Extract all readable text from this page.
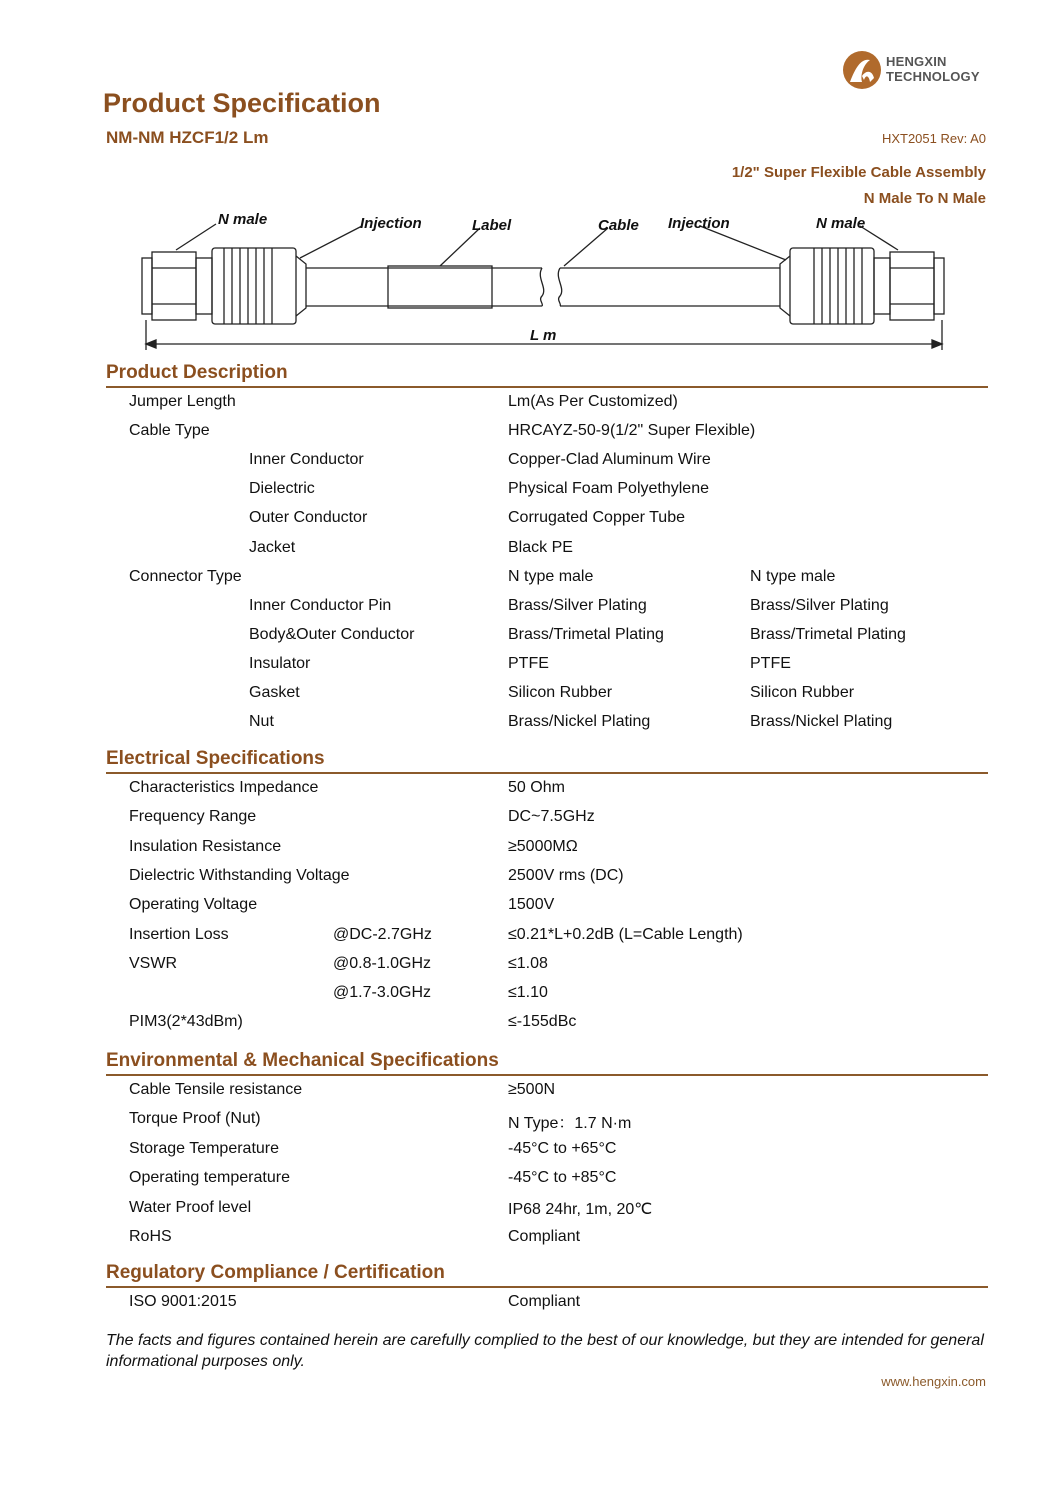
HENGXIN
TECHNOLOGY
Product Specification
NM-NM HZCF1/2 Lm	HXT2051 Rev: A0
1/2" Super Flexible Cable Assembly
N Male To N Male
N male	Injection	Label	Cable Injection	N male
L m
Product Description
Electrical Specifications
Environmental & Mechanical Specifications
Regulatory Compliance / Certification
Jumper Length	Lm(As Per Customized)
Cable Type	HRCAYZ-50-9(1/2" Super Flexible)
Inner Conductor	Copper-Clad Aluminum Wire
Dielectric	Physical Foam Polyethylene
Outer Conductor	Corrugated Copper Tube
Jacket	Black PE
Connector Type	N type male	N type male
Inner Conductor Pin	Brass/Silver Plating	Brass/Silver Plating
Body&Outer Conductor	Brass/Trimetal Plating	Brass/Trimetal Plating
Insulator	PTFE	PTFE
Gasket	Silicon Rubber	Silicon Rubber
Nut	Brass/Nickel Plating	Brass/Nickel Plating
Characteristics Impedance	50 Ohm
Frequency Range	DC~7.5GHz
Insulation Resistance	≥5000MΩ
Dielectric Withstanding Voltage	2500V rms (DC)
Operating Voltage	1500V
Insertion Loss	@DC-2.7GHz	≤0.21*L+0.2dB (L=Cable Length)
VSWR	@0.8-1.0GHz	≤1.08
@1.7-3.0GHz	≤1.10
PIM3(2*43dBm)	≤-155dBc
Cable Tensile resistance	≥500N
Torque Proof (Nut)	N Type：1.7 N·m
Storage Temperature	-45°C to +65°C
Operating temperature	-45°C to +85°C
Water Proof level	IP68 24hr, 1m, 20℃
RoHS	Compliant
ISO 9001:2015	Compliant
The facts and figures contained herein are carefully complied to the best of our knowledge, but they are intended for general informational purposes only.
www.hengxin.com
